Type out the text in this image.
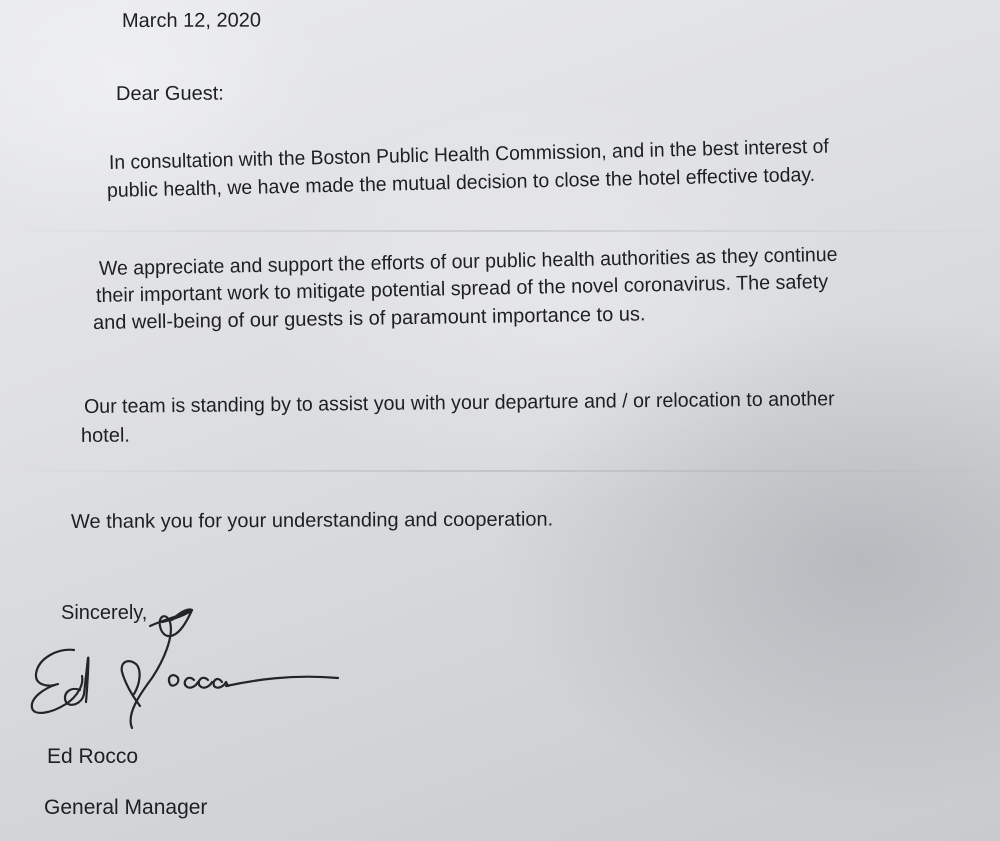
March 12, 2020

Dear Guest:

In consultation with the Boston Public Health Commission, and in the best interest of

public health, we have made the mutual decision to close the hotel effective today.

We appreciate and support the efforts of our public health authorities as they continue

their important work to mitigate potential spread of the novel coronavirus. The safety

and well-being of our guests is of paramount importance to us.

Our team is standing by to assist you with your departure and / or relocation to another

hotel.

We thank you for your understanding and cooperation.

Sincerely,

Ed Rocco

General Manager
